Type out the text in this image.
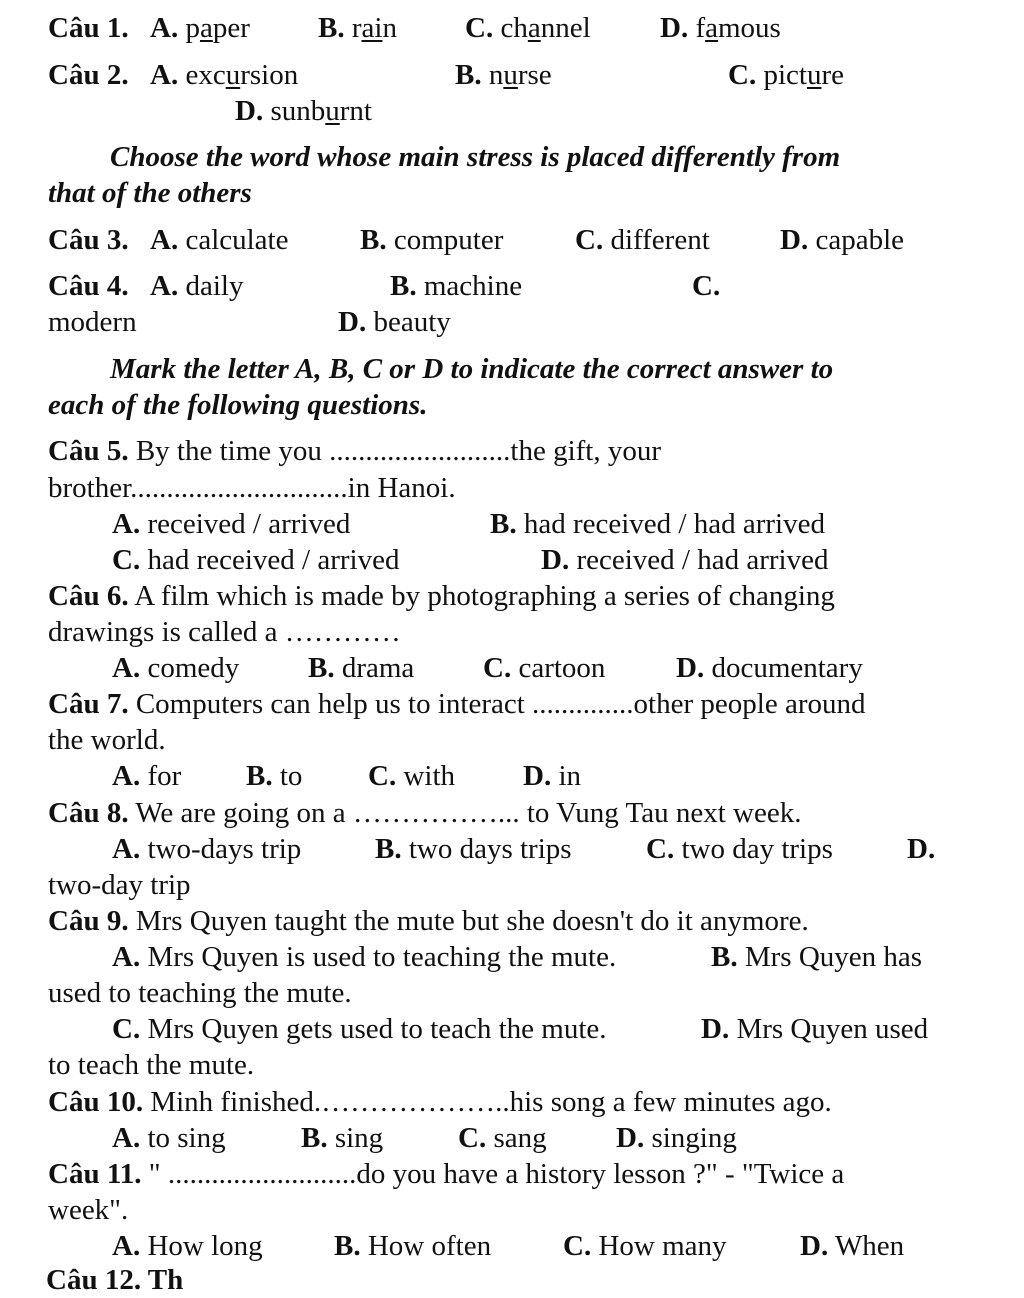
Câu 1. A. paper B. rain C. channel D. famous
Câu 2. A. excursion	B. nurse	C. picture
D. sunburnt
Choose the word whose main stress is placed differently from
that of the others
Câu 3. A. calculate B. computer C. different D. capable
Câu 4. A. daily	B. machine	C.
modern	D. beauty
Mark the letter A, B, C or D to indicate the correct answer to
each of the following questions.
Câu 5. By the time you .........................the gift, your
brother..............................in Hanoi.
A. received / arrived	B. had received / had arrived
C. had received / arrived	D. received / had arrived
Câu 6. A film which is made by photographing a series of changing
drawings is called a …………
A. comedy B. drama C. cartoon D. documentary
Câu 7. Computers can help us to interact ..............other people around
the world.
A. for B. to C. with D. in
Câu 8. We are going on a ……………... to Vung Tau next week.
A. two-days trip	B. two days trips	C. two day trips	D.
two-day trip
Câu 9. Mrs Quyen taught the mute but she doesn't do it anymore.
A. Mrs Quyen is used to teaching the mute.	B. Mrs Quyen has
used to teaching the mute.
C. Mrs Quyen gets used to teach the mute.	D. Mrs Quyen used
to teach the mute.
Câu 10. Minh finished.………………..his song a few minutes ago.
A. to sing	B. sing	C. sang D. singing
Câu 11. " ..........................do you have a history lesson ?" - "Twice a
week".
A. How long B. How often C. How many	D. When
Câu 12. Th
